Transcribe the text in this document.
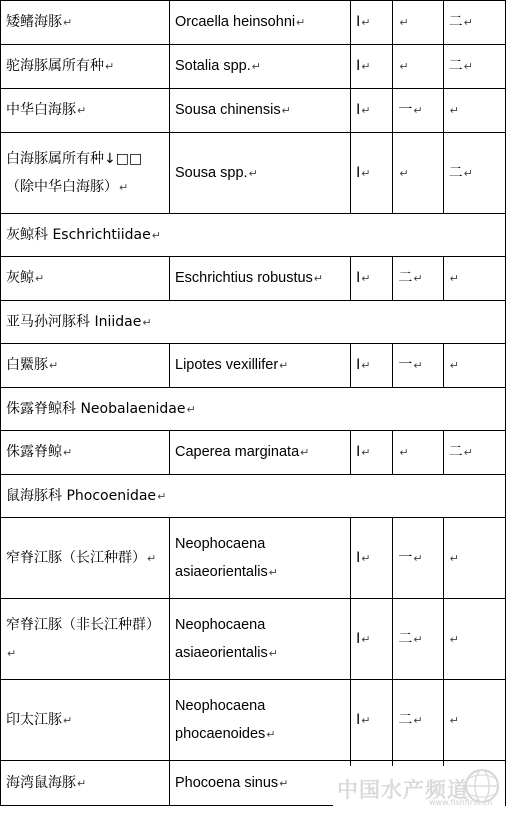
矮鳍海豚↵	Orcaella heinsohni↵	Ⅰ↵	↵	二↵
驼海豚属所有种↵	Sotalia spp.↵	Ⅰ↵	↵	二↵
中华白海豚↵	Sousa chinensis↵	Ⅰ↵	一↵	↵
白海豚属所有种↓□□（除中华白海豚）↵	Sousa spp.↵	Ⅰ↵	↵	二↵
灰鲸科 Eschrichtiidae↵				
灰鲸↵	Eschrichtius robustus↵	Ⅰ↵	二↵	↵
亚马孙河豚科 Iniidae↵				
白鱀豚↵	Lipotes vexillifer↵	Ⅰ↵	一↵	↵
侏露脊鲸科 Neobalaenidae↵				
侏露脊鲸↵	Caperea marginata↵	Ⅰ↵	↵	二↵
鼠海豚科 Phocoenidae↵				
窄脊江豚（长江种群）↵	Neophocaena asiaeorientalis↵	Ⅰ↵	一↵	↵
窄脊江豚（非长江种群）↵	Neophocaena asiaeorientalis↵	Ⅰ↵	二↵	↵
印太江豚↵	Neophocaena phocaenoides↵	Ⅰ↵	二↵	↵
海湾鼠海豚↵	Phocoena sinus↵			中国水产频道
www.fishfirst.cn
